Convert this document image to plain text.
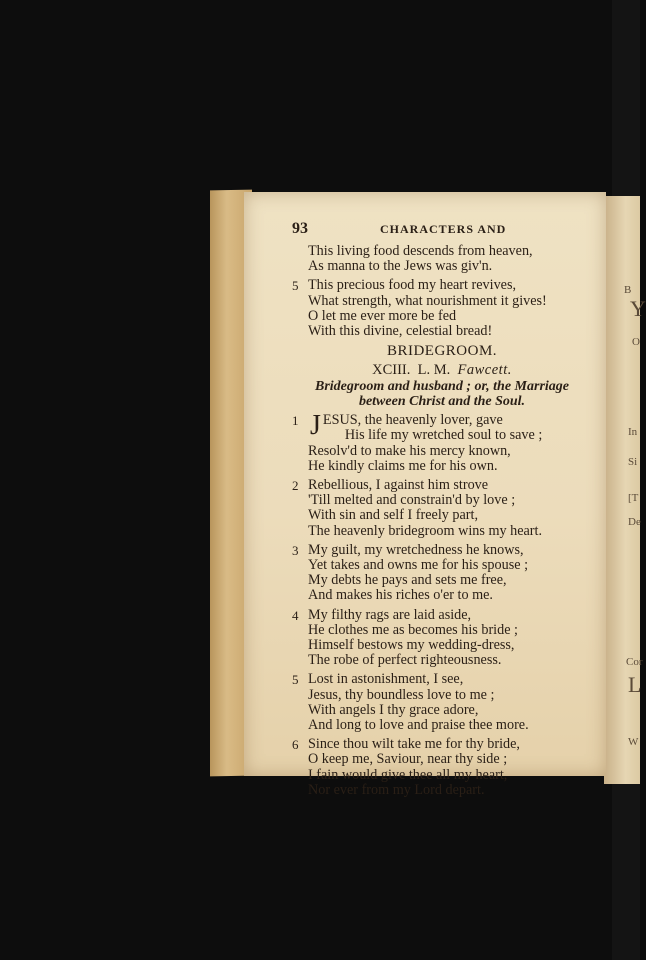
B
Y
O
In
Si
[T
De
Cor
L
W
93	CHARACTERS AND
This living food descends from heaven,
As manna to the Jews was giv'n.
5 This precious food my heart revives,
What strength, what nourishment it gives!
O let me ever more be fed
With this divine, celestial bread!
BRIDEGROOM.
XCIII. L. M. Fawcett.
Bridegroom and husband ; or, the Marriage
between Christ and the Soul.
1 J ESUS, the heavenly lover, gave
His life my wretched soul to save ;
Resolv'd to make his mercy known,
He kindly claims me for his own.
2 Rebellious, I against him strove
'Till melted and constrain'd by love ;
With sin and self I freely part,
The heavenly bridegroom wins my heart.
3 My guilt, my wretchedness he knows,
Yet takes and owns me for his spouse ;
My debts he pays and sets me free,
And makes his riches o'er to me.
4 My filthy rags are laid aside,
He clothes me as becomes his bride ;
Himself bestows my wedding-dress,
The robe of perfect righteousness.
5 Lost in astonishment, I see,
Jesus, thy boundless love to me ;
With angels I thy grace adore,
And long to love and praise thee more.
6 Since thou wilt take me for thy bride,
O keep me, Saviour, near thy side ;
I fain would give thee all my heart,
Nor ever from my Lord depart.
